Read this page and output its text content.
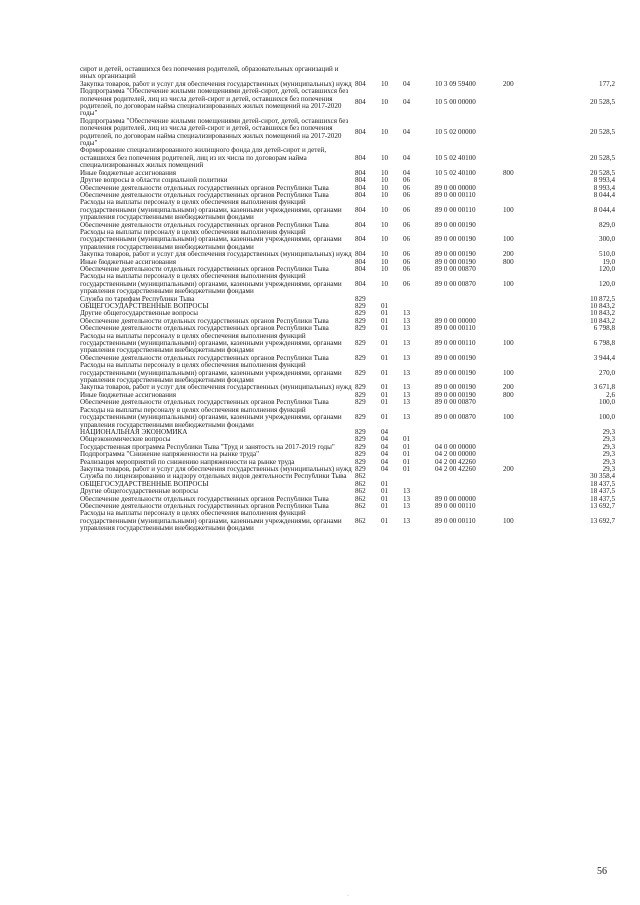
сирот и детей, оставшихся без попечения родителей, образовательных организаций и иных организаций						
Закупка товаров, работ и услуг для обеспечения государственных (муниципальных) нужд	804	10	04	10 3 09 59400	200	177,2
Подпрограмма "Обеспечение жилыми помещениями детей-сирот, детей, оставшихся без попечения родителей, лиц из числа детей-сирот и детей, оставшихся без попечения родителей, по договорам найма специализированных жилых помещений на 2017-2020 годы"	804	10	04	10 5 00 00000		20 528,5
Подпрограмма "Обеспечение жилыми помещениями детей-сирот, детей, оставшихся без попечения родителей, лиц из числа детей-сирот и детей, оставшихся без попечения родителей, по договорам найма специализированных жилых помещений на 2017-2020 годы"	804	10	04	10 5 02 00000		20 528,5
Формирование специализированного жилищного фонда для детей-сирот и детей, оставшихся без попечения родителей, лиц из их числа по договорам найма специализированных жилых помещений	804	10	04	10 5 02 40100		20 528,5
Иные бюджетные ассигнования	804	10	04	10 5 02 40100	800	20 528,5
Другие вопросы в области социальной политики	804	10	06			8 993,4
Обеспечение деятельности отдельных государственных органов Республики Тыва	804	10	06	89 0 00 00000		8 993,4
Обеспечение деятельности отдельных государственных органов Республики Тыва	804	10	06	89 0 00 00110		8 044,4
Расходы на выплаты персоналу в целях обеспечения выполнения функций государственными (муниципальными) органами, казенными учреждениями, органами управления государственными внебюджетными фондами	804	10	06	89 0 00 00110	100	8 044,4
Обеспечение деятельности отдельных государственных органов Республики Тыва	804	10	06	89 0 00 00190		829,0
Расходы на выплаты персоналу в целях обеспечения выполнения функций государственными (муниципальными) органами, казенными учреждениями, органами управления государственными внебюджетными фондами	804	10	06	89 0 00 00190	100	300,0
Закупка товаров, работ и услуг для обеспечения государственных (муниципальных) нужд	804	10	06	89 0 00 00190	200	510,0
Иные бюджетные ассигнования	804	10	06	89 0 00 00190	800	19,0
Обеспечение деятельности отдельных государственных органов Республики Тыва	804	10	06	89 0 00 00870		120,0
Расходы на выплаты персоналу в целях обеспечения выполнения функций государственными (муниципальными) органами, казенными учреждениями, органами управления государственными внебюджетными фондами	804	10	06	89 0 00 00870	100	120,0
Служба по тарифам Республики Тыва	829					10 872,5
ОБЩЕГОСУДАРСТВЕННЫЕ ВОПРОСЫ	829	01				10 843,2
Другие общегосударственные вопросы	829	01	13			10 843,2
Обеспечение деятельности отдельных государственных органов Республики Тыва	829	01	13	89 0 00 00000		10 843,2
Обеспечение деятельности отдельных государственных органов Республики Тыва	829	01	13	89 0 00 00110		6 798,8
Расходы на выплаты персоналу в целях обеспечения выполнения функций государственными (муниципальными) органами, казенными учреждениями, органами управления государственными внебюджетными фондами	829	01	13	89 0 00 00110	100	6 798,8
Обеспечение деятельности отдельных государственных органов Республики Тыва	829	01	13	89 0 00 00190		3 944,4
Расходы на выплаты персоналу в целях обеспечения выполнения функций государственными (муниципальными) органами, казенными учреждениями, органами управления государственными внебюджетными фондами	829	01	13	89 0 00 00190	100	270,0
Закупка товаров, работ и услуг для обеспечения государственных (муниципальных) нужд	829	01	13	89 0 00 00190	200	3 671,8
Иные бюджетные ассигнования	829	01	13	89 0 00 00190	800	2,6
Обеспечение деятельности отдельных государственных органов Республики Тыва	829	01	13	89 0 00 00870		100,0
Расходы на выплаты персоналу в целях обеспечения выполнения функций государственными (муниципальными) органами, казенными учреждениями, органами управления государственными внебюджетными фондами	829	01	13	89 0 00 00870	100	100,0
НАЦИОНАЛЬНАЯ ЭКОНОМИКА	829	04				29,3
Общеэкономические вопросы	829	04	01			29,3
Государственная программа Республики Тыва "Труд и занятость на 2017-2019 годы"	829	04	01	04 0 00 00000		29,3
Подпрограмма "Снижение напряженности на рынке труда"	829	04	01	04 2 00 00000		29,3
Реализация мероприятий по снижению напряженности на рынке труда	829	04	01	04 2 00 42260		29,3
Закупка товаров, работ и услуг для обеспечения государственных (муниципальных) нужд	829	04	01	04 2 00 42260	200	29,3
Служба по лицензированию и надзору отдельных видов деятельности Республики Тыва	862					30 358,4
ОБЩЕГОСУДАРСТВЕННЫЕ ВОПРОСЫ	862	01				18 437,5
Другие общегосударственные вопросы	862	01	13			18 437,5
Обеспечение деятельности отдельных государственных органов Республики Тыва	862	01	13	89 0 00 00000		18 437,5
Обеспечение деятельности отдельных государственных органов Республики Тыва	862	01	13	89 0 00 00110		13 692,7
Расходы на выплаты персоналу в целях обеспечения выполнения функций государственными (муниципальными) органами, казенными учреждениями, органами управления государственными внебюджетными фондами	862	01	13	89 0 00 00110	100	13 692,7
56
·
